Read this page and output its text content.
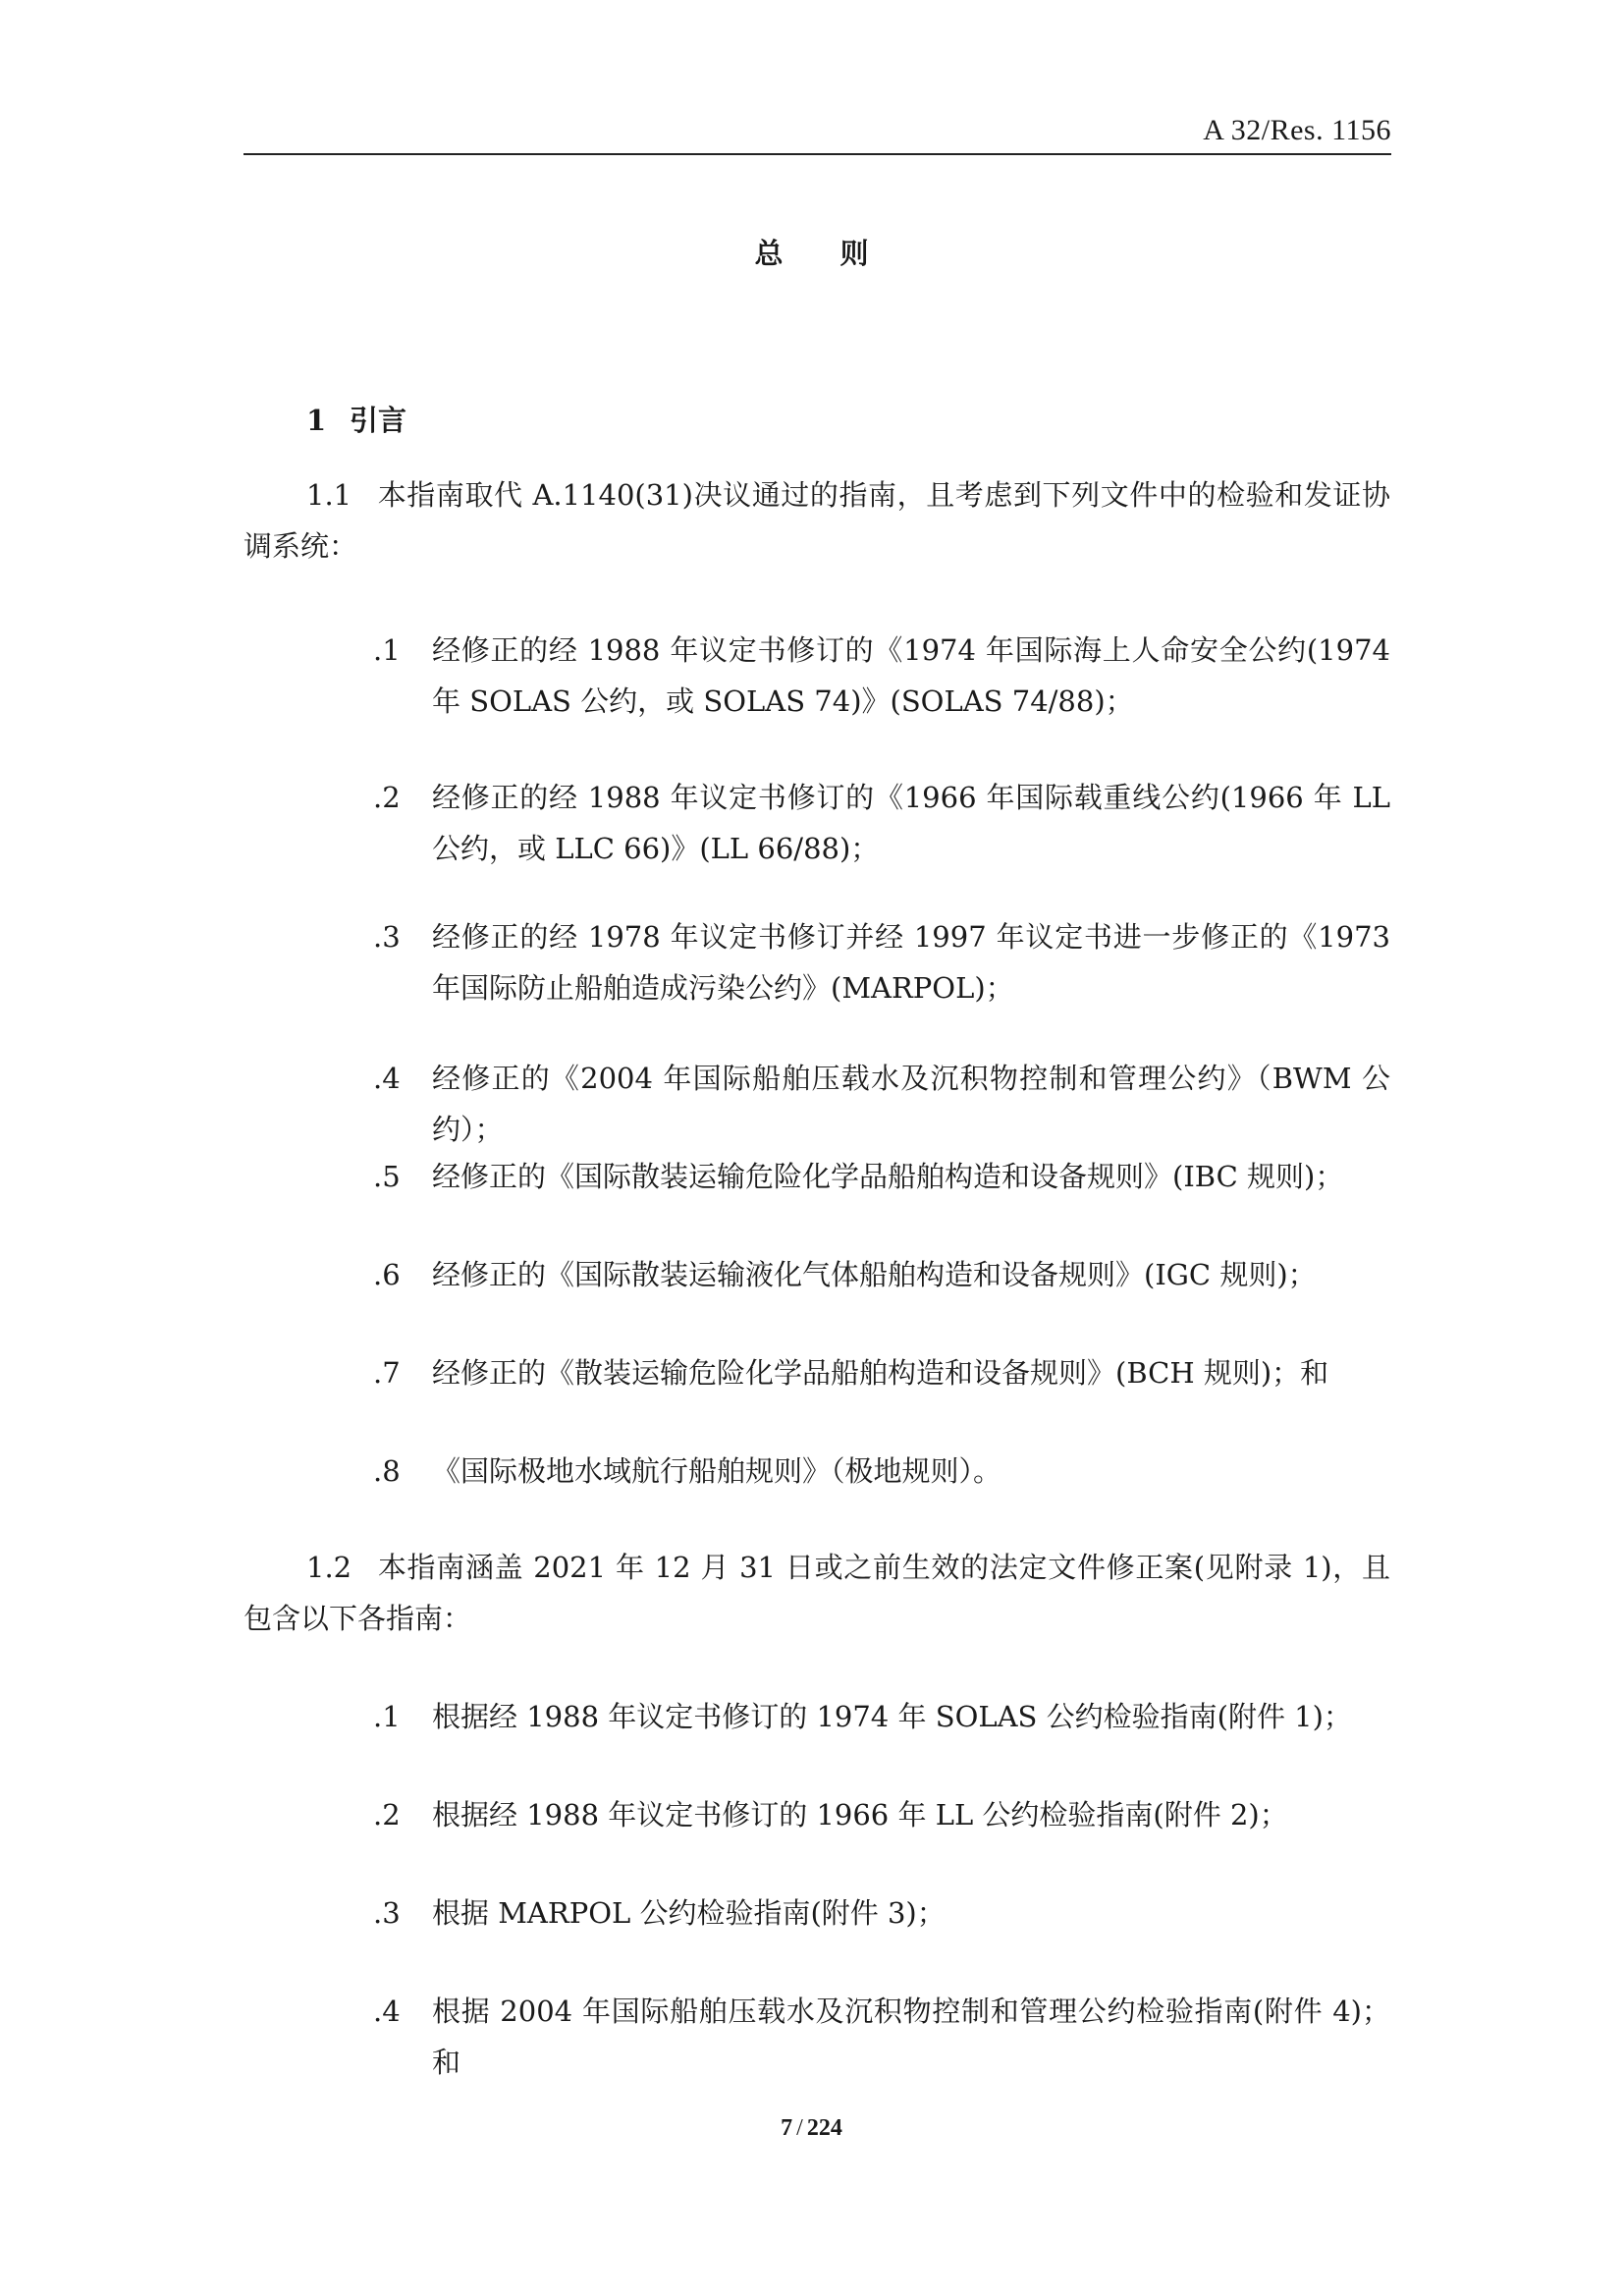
A 32/Res. 1156
总 则
1 引言

1.1 本指南取代 A.1140(31)决议通过的指南，且考虑到下列文件中的检验和发证协调系统：

.1	经修正的经 1988 年议定书修订的《1974 年国际海上人命安全公约(1974 年 SOLAS 公约，或 SOLAS 74)》(SOLAS 74/88)；
.2	经修正的经 1988 年议定书修订的《1966 年国际载重线公约(1966 年 LL 公约，或 LLC 66)》(LL 66/88)；
.3	经修正的经 1978 年议定书修订并经 1997 年议定书进一步修正的《1973 年国际防止船舶造成污染公约》(MARPOL)；
.4	经修正的《2004 年国际船舶压载水及沉积物控制和管理公约》（BWM 公约）；
.5	经修正的《国际散装运输危险化学品船舶构造和设备规则》(IBC 规则)；
.6	经修正的《国际散装运输液化气体船舶构造和设备规则》(IGC 规则)；
.7	经修正的《散装运输危险化学品船舶构造和设备规则》(BCH 规则)；和
.8	《国际极地水域航行船舶规则》（极地规则）。

1.2 本指南涵盖 2021 年 12 月 31 日或之前生效的法定文件修正案(见附录 1)，且包含以下各指南：

.1	根据经 1988 年议定书修订的 1974 年 SOLAS 公约检验指南(附件 1)；
.2	根据经 1988 年议定书修订的 1966 年 LL 公约检验指南(附件 2)；
.3	根据 MARPOL 公约检验指南(附件 3)；
.4	根据 2004 年国际船舶压载水及沉积物控制和管理公约检验指南(附件 4)；和
7 / 224
